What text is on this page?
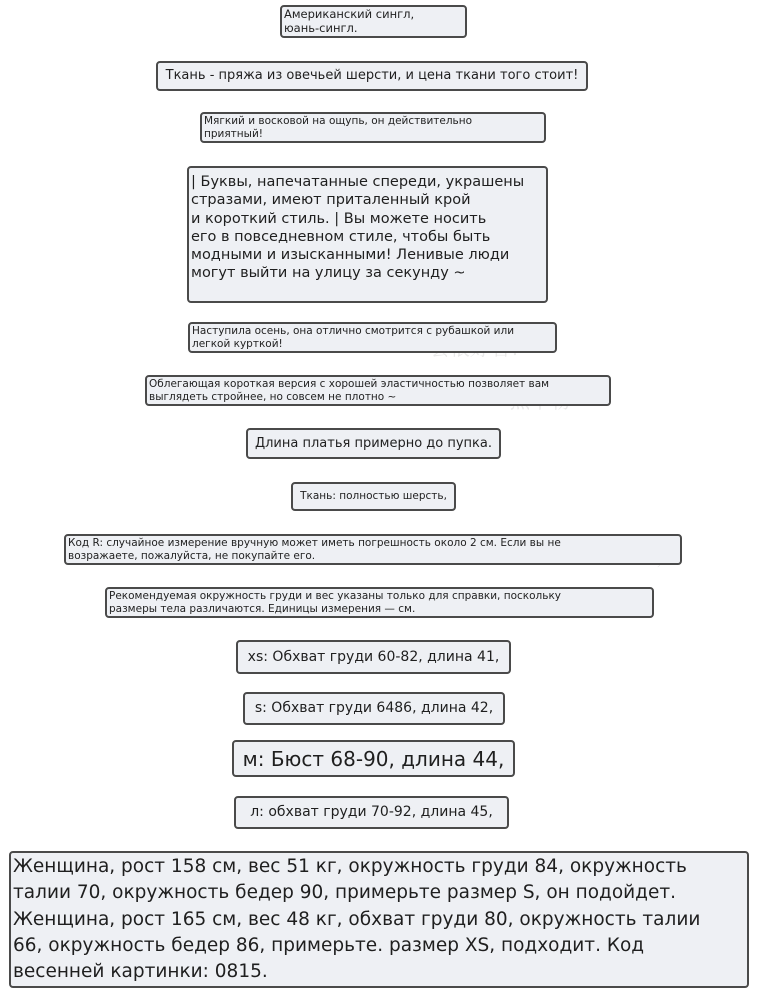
Американский сингл,
юань-сингл.
Ткань - пряжа из овечьей шерсти, и цена ткани того стоит!
Мягкий и восковой на ощупь, он действительно
приятный!
| Буквы, напечатанные спереди, украшены
стразами, имеют приталенный крой
и короткий стиль. | Вы можете носить
его в повседневном стиле, чтобы быть
модными и изысканными! Ленивые люди
могут выйти на улицу за секунду ~
Наступила осень, она отлично смотрится с рубашкой или
легкой курткой!
Облегающая короткая версия с хорошей эластичностью позволяет вам
выглядеть стройнее, но совсем не плотно ~
Длина платья примерно до пупка.
Ткань: полностью шерсть,
Код R: случайное измерение вручную может иметь погрешность около 2 см. Если вы не
возражаете, пожалуйста, не покупайте его.
Рекомендуемая окружность груди и вес указаны только для справки, поскольку
размеры тела различаются. Единицы измерения — см.
xs: Обхват груди 60-82, длина 41,
s: Обхват груди 6486, длина 42,
м: Бюст 68-90, длина 44,
л: обхват груди 70-92, длина 45,
Женщина, рост 158 см, вес 51 кг, окружность груди 84, окружность
талии 70, окружность бедер 90, примерьте размер S, он подойдет.
Женщина, рост 165 см, вес 48 кг, обхват груди 80, окружность талии
66, окружность бедер 86, примерьте. размер XS, подходит. Код
весенней картинки: 0815.
